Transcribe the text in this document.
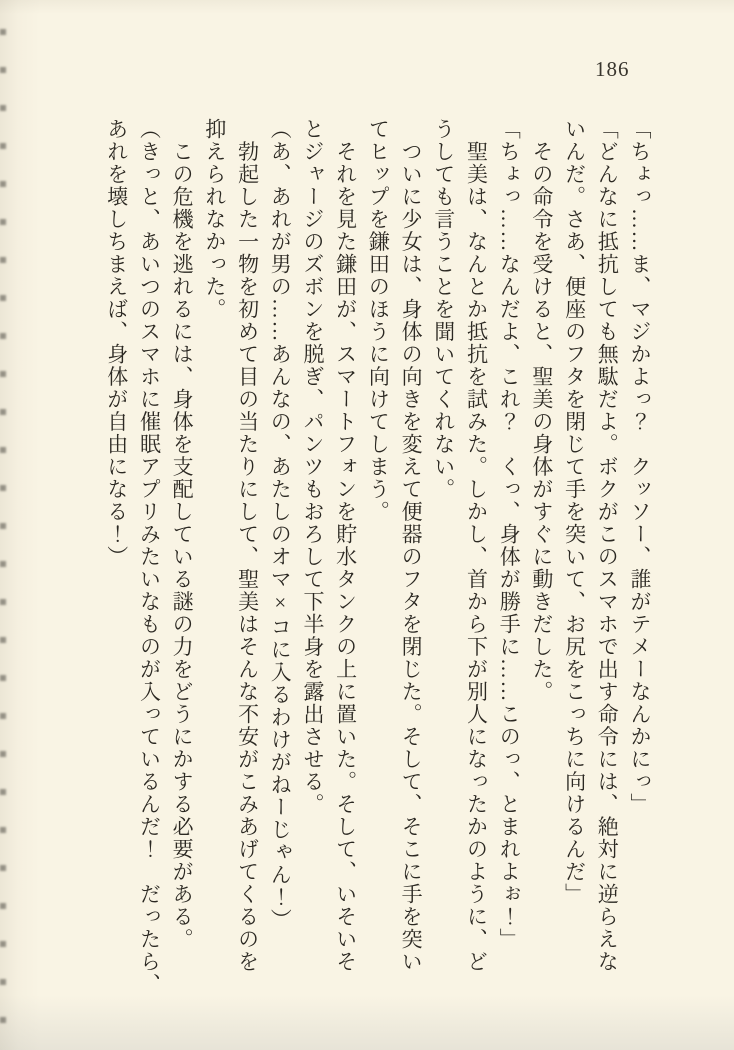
186

「ちょっ……ま、マジかよっ？　クッソー、誰がテメーなんかにっ」

「どんなに抵抗しても無駄だよ。ボクがこのスマホで出す命令には、絶対に逆らえな

いんだ。さあ、便座のフタを閉じて手を突いて、お尻をこっちに向けるんだ」

　その命令を受けると、聖美の身体がすぐに動きだした。

「ちょっ……なんだよ、これ？　くっ、身体が勝手に……このっ、とまれよぉ！」

　聖美は、なんとか抵抗を試みた。しかし、首から下が別人になったかのように、ど

うしても言うことを聞いてくれない。

　ついに少女は、身体の向きを変えて便器のフタを閉じた。そして、そこに手を突い

てヒップを鎌田のほうに向けてしまう。

　それを見た鎌田が、スマートフォンを貯水タンクの上に置いた。そして、いそいそ

とジャージのズボンを脱ぎ、パンツもおろして下半身を露出させる。

（あ、あれが男の……あんなの、あたしのオマ×コに入るわけがねーじゃん！）

　勃起した一物を初めて目の当たりにして、聖美はそんな不安がこみあげてくるのを

抑えられなかった。

　この危機を逃れるには、身体を支配している謎の力をどうにかする必要がある。

（きっと、あいつのスマホに催眠アプリみたいなものが入っているんだ！　だったら、

あれを壊しちまえば、身体が自由になる！）
